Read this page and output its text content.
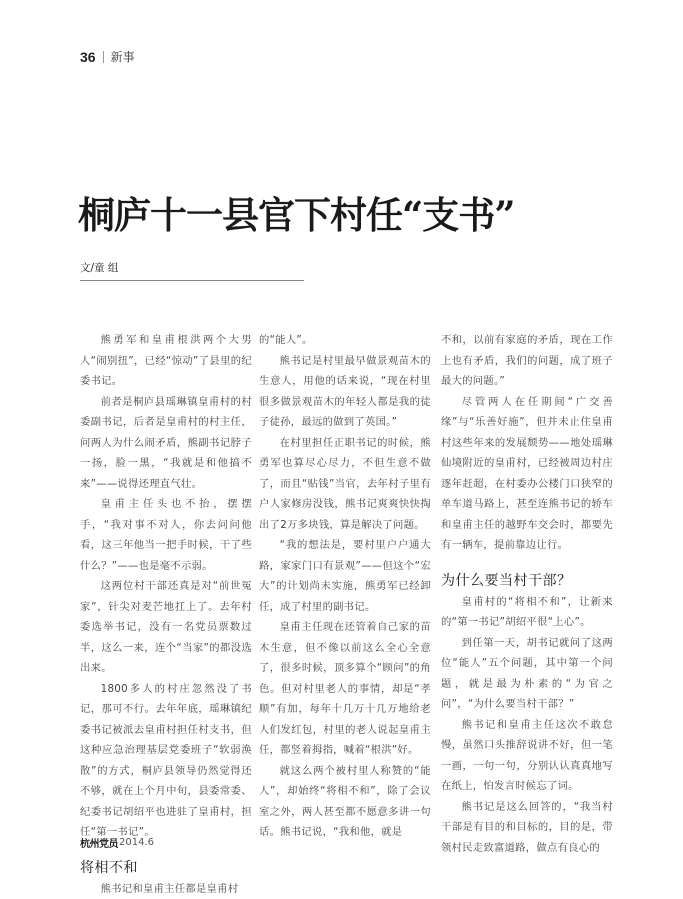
36 新事
桐庐十一县官下村任“支书”
文/童 组

熊勇军和皇甫根洪两个大男人“闹别扭”，已经“惊动”了县里的纪委书记。

前者是桐庐县瑶琳镇皇甫村的村委副书记，后者是皇甫村的村主任，问两人为什么闹矛盾，熊副书记脖子一扬，脸一黑，“我就是和他搞不来”——说得还理直气壮。

皇甫主任头也不抬，摆摆手，“我对事不对人，你去问问他看，这三年他当一把手时候，干了些什么？”——也是毫不示弱。

这两位村干部还真是对“前世冤家”，针尖对麦芒地扛上了。去年村委选举书记，没有一名党员票数过半，这么一来，连个“当家”的都没选出来。

1800多人的村庄忽然没了书记，那可不行。去年年底，瑶琳镇纪委书记被派去皇甫村担任村支书，但这种应急治理基层党委班子“软弱涣散”的方式，桐庐县领导仍然觉得还不够，就在上个月中旬，县委常委、纪委书记胡绍平也进驻了皇甫村，担任“第一书记”。

将相不和

熊书记和皇甫主任都是皇甫村

的“能人”。

熊书记是村里最早做景观苗木的生意人，用他的话来说，“现在村里很多做景观苗木的年轻人都是我的徒子徒孙，最远的做到了英国。”

在村里担任正职书记的时候，熊勇军也算尽心尽力，不但生意不做了，而且“贴钱”当官，去年村子里有户人家修房没钱，熊书记爽爽快快掏出了2万多块钱，算是解决了问题。

“我的想法是，要村里户户通大路，家家门口有景观”——但这个“宏大”的计划尚未实施，熊勇军已经卸任，成了村里的副书记。

皇甫主任现在还管着自己家的苗木生意，但不像以前这么全心全意了，很多时候，顶多算个“顾问”的角色。但对村里老人的事情，却是“孝顺”有加，每年十几万十几万地给老人们发红包，村里的老人说起皇甫主任，都竖着拇指，喊着“根洪”好。

就这么两个被村里人称赞的“能人”，却始终“将相不和”，除了会议室之外，两人甚至都不愿意多讲一句话。熊书记说，“我和他，就是

不和，以前有家庭的矛盾，现在工作上也有矛盾，我们的问题，成了班子最大的问题。”

尽管两人在任期间“广交善缘”与“乐善好施”，但并未止住皇甫村这些年来的发展颓势——地处瑶琳仙境附近的皇甫村，已经被周边村庄逐年赶超，在村委办公楼门口狭窄的单车道马路上，甚至连熊书记的轿车和皇甫主任的越野车交会时，都要先有一辆车，提前靠边让行。

为什么要当村干部？

皇甫村的“将相不和”，让新来的“第一书记”胡绍平很“上心”。

到任第一天，胡书记就问了这两位“能人”五个问题，其中第一个问题，就是最为朴素的“为官之问”，“为什么要当村干部？”

熊书记和皇甫主任这次不敢怠慢，虽然口头推辞说讲不好，但一笔一画，一句一句，分别认认真真地写在纸上，怕发言时候忘了词。

熊书记是这么回答的，“我当村干部是有目的和目标的，目的是，带领村民走致富道路，做点有良心的

杭州党员 2014.6
